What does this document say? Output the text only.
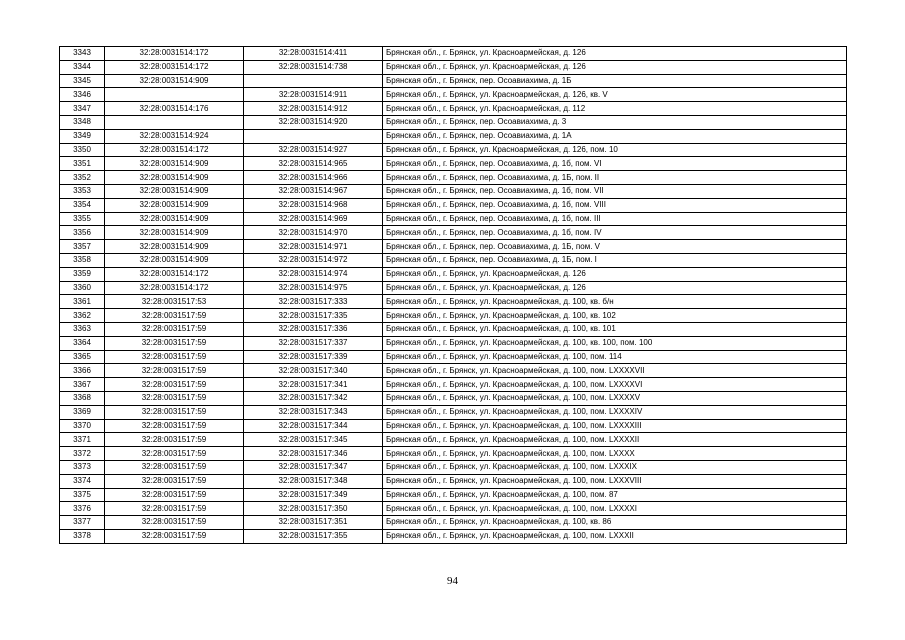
3343	32:28:0031514:172	32:28:0031514:411	Брянская обл., г. Брянск, ул. Красноармейская, д. 126
3344	32:28:0031514:172	32:28:0031514:738	Брянская обл., г. Брянск, ул. Красноармейская, д. 126
3345	32:28:0031514:909		Брянская обл., г. Брянск, пер. Осоавиахима, д. 1Б
3346		32:28:0031514:911	Брянская обл., г. Брянск, ул. Красноармейская, д. 126, кв. V
3347	32:28:0031514:176	32:28:0031514:912	Брянская обл., г. Брянск, ул. Красноармейская, д. 112
3348		32:28:0031514:920	Брянская обл., г. Брянск, пер. Осоавиахима, д. 3
3349	32:28:0031514:924		Брянская обл., г. Брянск, пер. Осоавиахима, д. 1А
3350	32:28:0031514:172	32:28:0031514:927	Брянская обл., г. Брянск, ул. Красноармейская, д. 126, пом. 10
3351	32:28:0031514:909	32:28:0031514:965	Брянская обл., г. Брянск, пер. Осоавиахима, д. 1б, пом. VI
3352	32:28:0031514:909	32:28:0031514:966	Брянская обл., г. Брянск, пер. Осоавиахима, д. 1Б, пом. II
3353	32:28:0031514:909	32:28:0031514:967	Брянская обл., г. Брянск, пер. Осоавиахима, д. 1б, пом. VII
3354	32:28:0031514:909	32:28:0031514:968	Брянская обл., г. Брянск, пер. Осоавиахима, д. 1б, пом. VIII
3355	32:28:0031514:909	32:28:0031514:969	Брянская обл., г. Брянск, пер. Осоавиахима, д. 1б, пом. III
3356	32:28:0031514:909	32:28:0031514:970	Брянская обл., г. Брянск, пер. Осоавиахима, д. 1б, пом. IV
3357	32:28:0031514:909	32:28:0031514:971	Брянская обл., г. Брянск, пер. Осоавиахима, д. 1Б, пом. V
3358	32:28:0031514:909	32:28:0031514:972	Брянская обл., г. Брянск, пер. Осоавиахима, д. 1Б, пом. I
3359	32:28:0031514:172	32:28:0031514:974	Брянская обл., г. Брянск, ул. Красноармейская, д. 126
3360	32:28:0031514:172	32:28:0031514:975	Брянская обл., г. Брянск, ул. Красноармейская, д. 126
3361	32:28:0031517:53	32:28:0031517:333	Брянская обл., г. Брянск, ул. Красноармейская, д. 100, кв. б/н
3362	32:28:0031517:59	32:28:0031517:335	Брянская обл., г. Брянск, ул. Красноармейская, д. 100, кв. 102
3363	32:28:0031517:59	32:28:0031517:336	Брянская обл., г. Брянск, ул. Красноармейская, д. 100, кв. 101
3364	32:28:0031517:59	32:28:0031517:337	Брянская обл., г. Брянск, ул. Красноармейская, д. 100, кв. 100, пом. 100
3365	32:28:0031517:59	32:28:0031517:339	Брянская обл., г. Брянск, ул. Красноармейская, д. 100, пом. 114
3366	32:28:0031517:59	32:28:0031517:340	Брянская обл., г. Брянск, ул. Красноармейская, д. 100, пом. LXXXXVII
3367	32:28:0031517:59	32:28:0031517:341	Брянская обл., г. Брянск, ул. Красноармейская, д. 100, пом. LXXXXVI
3368	32:28:0031517:59	32:28:0031517:342	Брянская обл., г. Брянск, ул. Красноармейская, д. 100, пом. LXXXXV
3369	32:28:0031517:59	32:28:0031517:343	Брянская обл., г. Брянск, ул. Красноармейская, д. 100, пом. LXXXXIV
3370	32:28:0031517:59	32:28:0031517:344	Брянская обл., г. Брянск, ул. Красноармейская, д. 100, пом. LXXXXIII
3371	32:28:0031517:59	32:28:0031517:345	Брянская обл., г. Брянск, ул. Красноармейская, д. 100, пом. LXXXXII
3372	32:28:0031517:59	32:28:0031517:346	Брянская обл., г. Брянск, ул. Красноармейская, д. 100, пом. LXXXX
3373	32:28:0031517:59	32:28:0031517:347	Брянская обл., г. Брянск, ул. Красноармейская, д. 100, пом. LXXXIX
3374	32:28:0031517:59	32:28:0031517:348	Брянская обл., г. Брянск, ул. Красноармейская, д. 100, пом. LXXXVIII
3375	32:28:0031517:59	32:28:0031517:349	Брянская обл., г. Брянск, ул. Красноармейская, д. 100, пом. 87
3376	32:28:0031517:59	32:28:0031517:350	Брянская обл., г. Брянск, ул. Красноармейская, д. 100, пом. LXXXXI
3377	32:28:0031517:59	32:28:0031517:351	Брянская обл., г. Брянск, ул. Красноармейская, д. 100, кв. 86
3378	32:28:0031517:59	32:28:0031517:355	Брянская обл., г. Брянск, ул. Красноармейская, д. 100, пом. LXXXII
94
